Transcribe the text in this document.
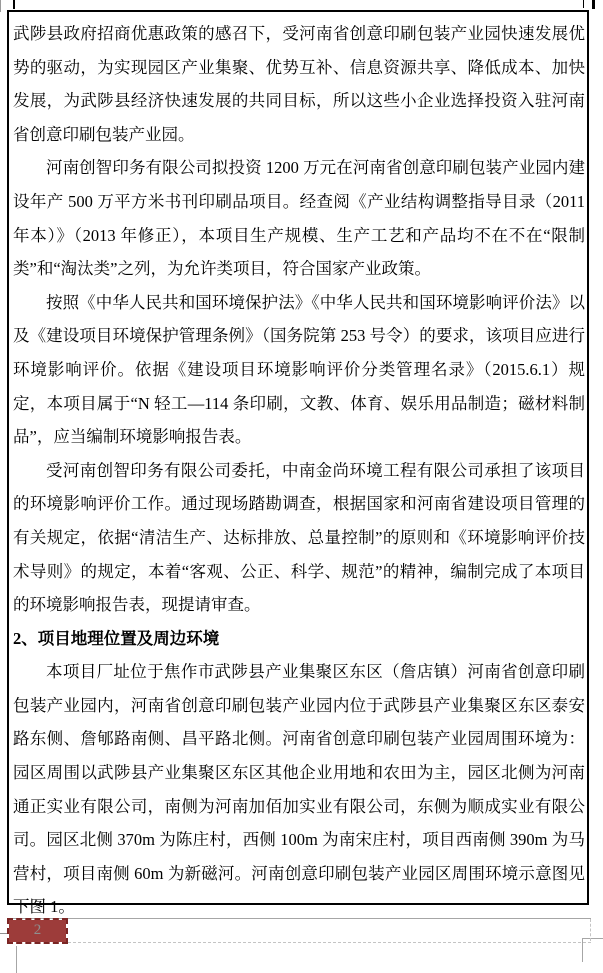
武陟县政府招商优惠政策的感召下，受河南省创意印刷包装产业园快速发展优势的驱动，为实现园区产业集聚、优势互补、信息资源共享、降低成本、加快发展，为武陟县经济快速发展的共同目标，所以这些小企业选择投资入驻河南省创意印刷包装产业园。

河南创智印务有限公司拟投资 1200 万元在河南省创意印刷包装产业园内建设年产 500 万平方米书刊印刷品项目。经查阅《产业结构调整指导目录（2011 年本）》（2013 年修正），本项目生产规模、生产工艺和产品均不在不在“限制类”和“淘汰类”之列，为允许类项目，符合国家产业政策。

按照《中华人民共和国环境保护法》《中华人民共和国环境影响评价法》以及《建设项目环境保护管理条例》（国务院第 253 号令）的要求，该项目应进行环境影响评价。依据《建设项目环境影响评价分类管理名录》（2015.6.1）规定，本项目属于“N 轻工—114 条印刷，文教、体育、娱乐用品制造；磁材料制品”，应当编制环境影响报告表。

受河南创智印务有限公司委托，中南金尚环境工程有限公司承担了该项目的环境影响评价工作。通过现场踏勘调查，根据国家和河南省建设项目管理的有关规定，依据“清洁生产、达标排放、总量控制”的原则和《环境影响评价技术导则》的规定，本着“客观、公正、科学、规范”的精神，编制完成了本项目的环境影响报告表，现提请审查。

2、项目地理位置及周边环境

本项目厂址位于焦作市武陟县产业集聚区东区（詹店镇）河南省创意印刷包装产业园内，河南省创意印刷包装产业园内位于武陟县产业集聚区东区泰安路东侧、詹郇路南侧、昌平路北侧。河南省创意印刷包装产业园周围环境为：园区周围以武陟县产业集聚区东区其他企业用地和农田为主，园区北侧为河南通正实业有限公司，南侧为河南加佰加实业有限公司，东侧为顺成实业有限公司。园区北侧 370m 为陈庄村，西侧 100m 为南宋庄村，项目西南侧 390m 为马营村，项目南侧 60m 为新磁河。河南创意印刷包装产业园区周围环境示意图见下图 1。

2
